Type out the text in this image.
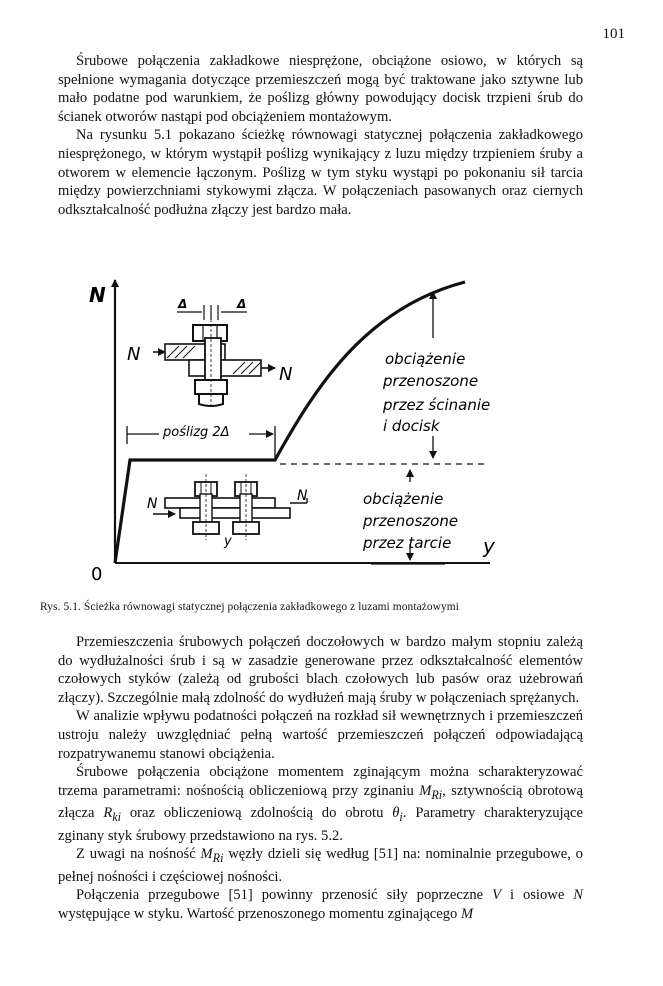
101

Śrubowe połączenia zakładkowe niesprężone, obciążone osiowo, w których są spełnione wymagania dotyczące przemieszczeń mogą być traktowane jako sztywne lub mało podatne pod warunkiem, że poślizg główny powodujący docisk trzpieni śrub do ścianek otworów nastąpi pod obciążeniem montażowym.

Na rysunku 5.1 pokazano ścieżkę równowagi statycznej połączenia zakładkowego niesprężonego, w którym wystąpił poślizg wynikający z luzu między trzpieniem śruby a otworem w elemencie łączonym. Poślizg w tym styku wystąpi po pokonaniu sił tarcia między powierzchniami stykowymi złącza. W połączeniach pasowanych oraz ciernych odkształcalność podłużna złączy jest bardzo mała.

N
0
y
poślizg 2Δ
Δ	Δ
N
N
N	N
y
obciążenie
przenoszone
przez ścinanie
i docisk
obciążenie
przenoszone
przez tarcie
Rys. 5.1. Ścieżka równowagi statycznej połączenia zakładkowego z luzami montażowymi

Przemieszczenia śrubowych połączeń doczołowych w bardzo małym stopniu zależą do wydłużalności śrub i są w zasadzie generowane przez odkształcalność elementów czołowych styków (zależą od grubości blach czołowych lub pasów oraz użebrowań złączy). Szczególnie małą zdolność do wydłużeń mają śruby w połączeniach sprężanych.

W analizie wpływu podatności połączeń na rozkład sił wewnętrznych i przemieszczeń ustroju należy uwzględniać pełną wartość przemieszczeń połączeń odpowiadającą rozpatrywanemu stanowi obciążenia.

Śrubowe połączenia obciążone momentem zginającym można scharakteryzować trzema parametrami: nośnością obliczeniową przy zginaniu $M_{Ri}$, sztywnością obrotową złącza $R_{ki}$ oraz obliczeniową zdolnością do obrotu $\theta_i$. Parametry charakteryzujące zginany styk śrubowy przedstawiono na rys. 5.2.

Z uwagi na nośność $M_{Ri}$ węzły dzieli się według [51] na: nominalnie przegubowe, o pełnej nośności i częściowej nośności.

Połączenia przegubowe [51] powinny przenosić siły poprzeczne V i osiowe N występujące w styku. Wartość przenoszonego momentu zginającego M
